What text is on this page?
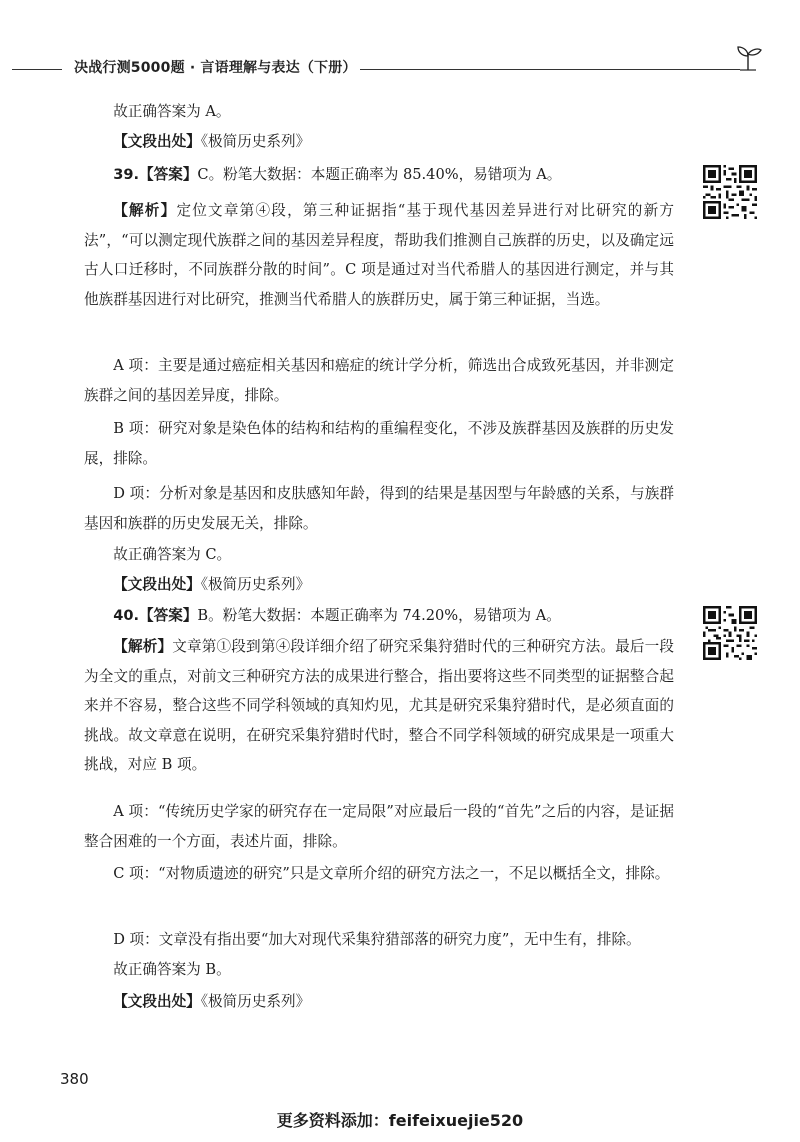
决战行测5000题 · 言语理解与表达（下册）

故正确答案为 A。

【文段出处】《极简历史系列》

39.【答案】C。粉笔大数据：本题正确率为 85.40%，易错项为 A。

【解析】定位文章第④段，第三种证据指“基于现代基因差异进行对比研究的新方法”，“可以测定现代族群之间的基因差异程度，帮助我们推测自己族群的历史，以及确定远古人口迁移时，不同族群分散的时间”。C 项是通过对当代希腊人的基因进行测定，并与其他族群基因进行对比研究，推测当代希腊人的族群历史，属于第三种证据，当选。

A 项：主要是通过癌症相关基因和癌症的统计学分析，筛选出合成致死基因，并非测定族群之间的基因差异度，排除。

B 项：研究对象是染色体的结构和结构的重编程变化，不涉及族群基因及族群的历史发展，排除。

D 项：分析对象是基因和皮肤感知年龄，得到的结果是基因型与年龄感的关系，与族群基因和族群的历史发展无关，排除。

故正确答案为 C。

【文段出处】《极简历史系列》

40.【答案】B。粉笔大数据：本题正确率为 74.20%，易错项为 A。

【解析】文章第①段到第④段详细介绍了研究采集狩猎时代的三种研究方法。最后一段为全文的重点，对前文三种研究方法的成果进行整合，指出要将这些不同类型的证据整合起来并不容易，整合这些不同学科领域的真知灼见，尤其是研究采集狩猎时代，是必须直面的挑战。故文章意在说明，在研究采集狩猎时代时，整合不同学科领域的研究成果是一项重大挑战，对应 B 项。

A 项：“传统历史学家的研究存在一定局限”对应最后一段的“首先”之后的内容，是证据整合困难的一个方面，表述片面，排除。

C 项：“对物质遗迹的研究”只是文章所介绍的研究方法之一，不足以概括全文，排除。

D 项：文章没有指出要“加大对现代采集狩猎部落的研究力度”，无中生有，排除。

故正确答案为 B。

【文段出处】《极简历史系列》

380
更多资料添加：feifeixuejie520
